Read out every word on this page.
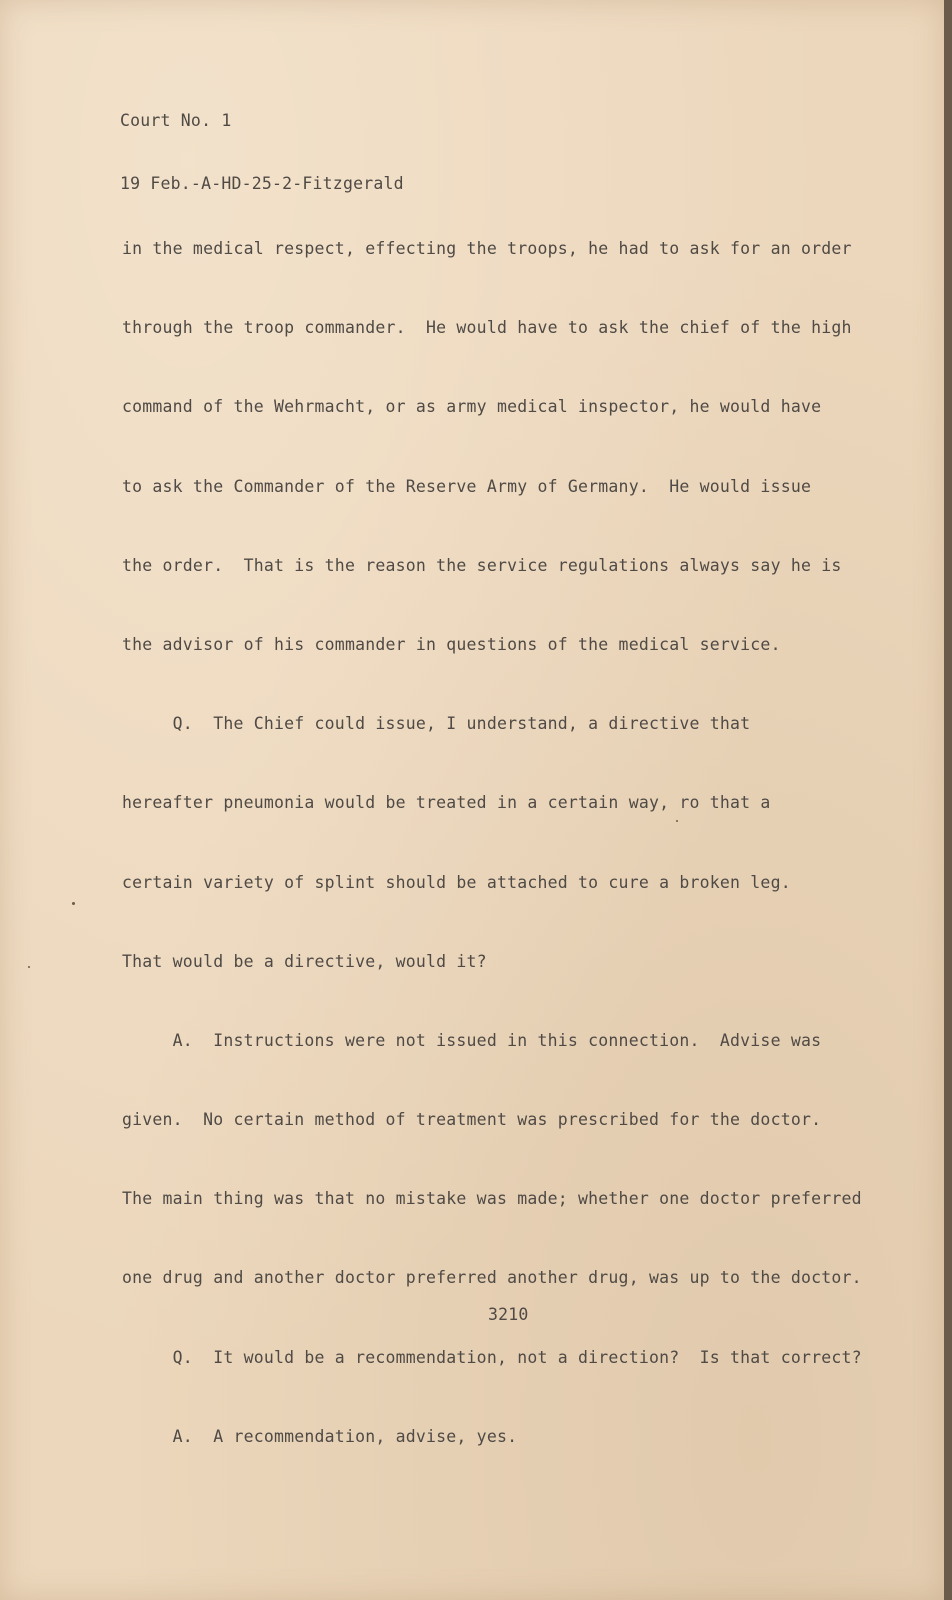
Court No. 1

19 Feb.-A-HD-25-2-Fitzgerald

in the medical respect, effecting the troops, he had to ask for an order

through the troop commander.  He would have to ask the chief of the high

command of the Wehrmacht, or as army medical inspector, he would have

to ask the Commander of the Reserve Army of Germany.  He would issue

the order.  That is the reason the service regulations always say he is

the advisor of his commander in questions of the medical service.

Q.  The Chief could issue, I understand, a directive that

hereafter pneumonia would be treated in a certain way, ro that a

certain variety of splint should be attached to cure a broken leg.

That would be a directive, would it?

A.  Instructions were not issued in this connection.  Advise was

given.  No certain method of treatment was prescribed for the doctor.

The main thing was that no mistake was made; whether one doctor preferred

one drug and another doctor preferred another drug, was up to the doctor.

Q.  It would be a recommendation, not a direction?  Is that correct?

A.  A recommendation, advise, yes.

3210
